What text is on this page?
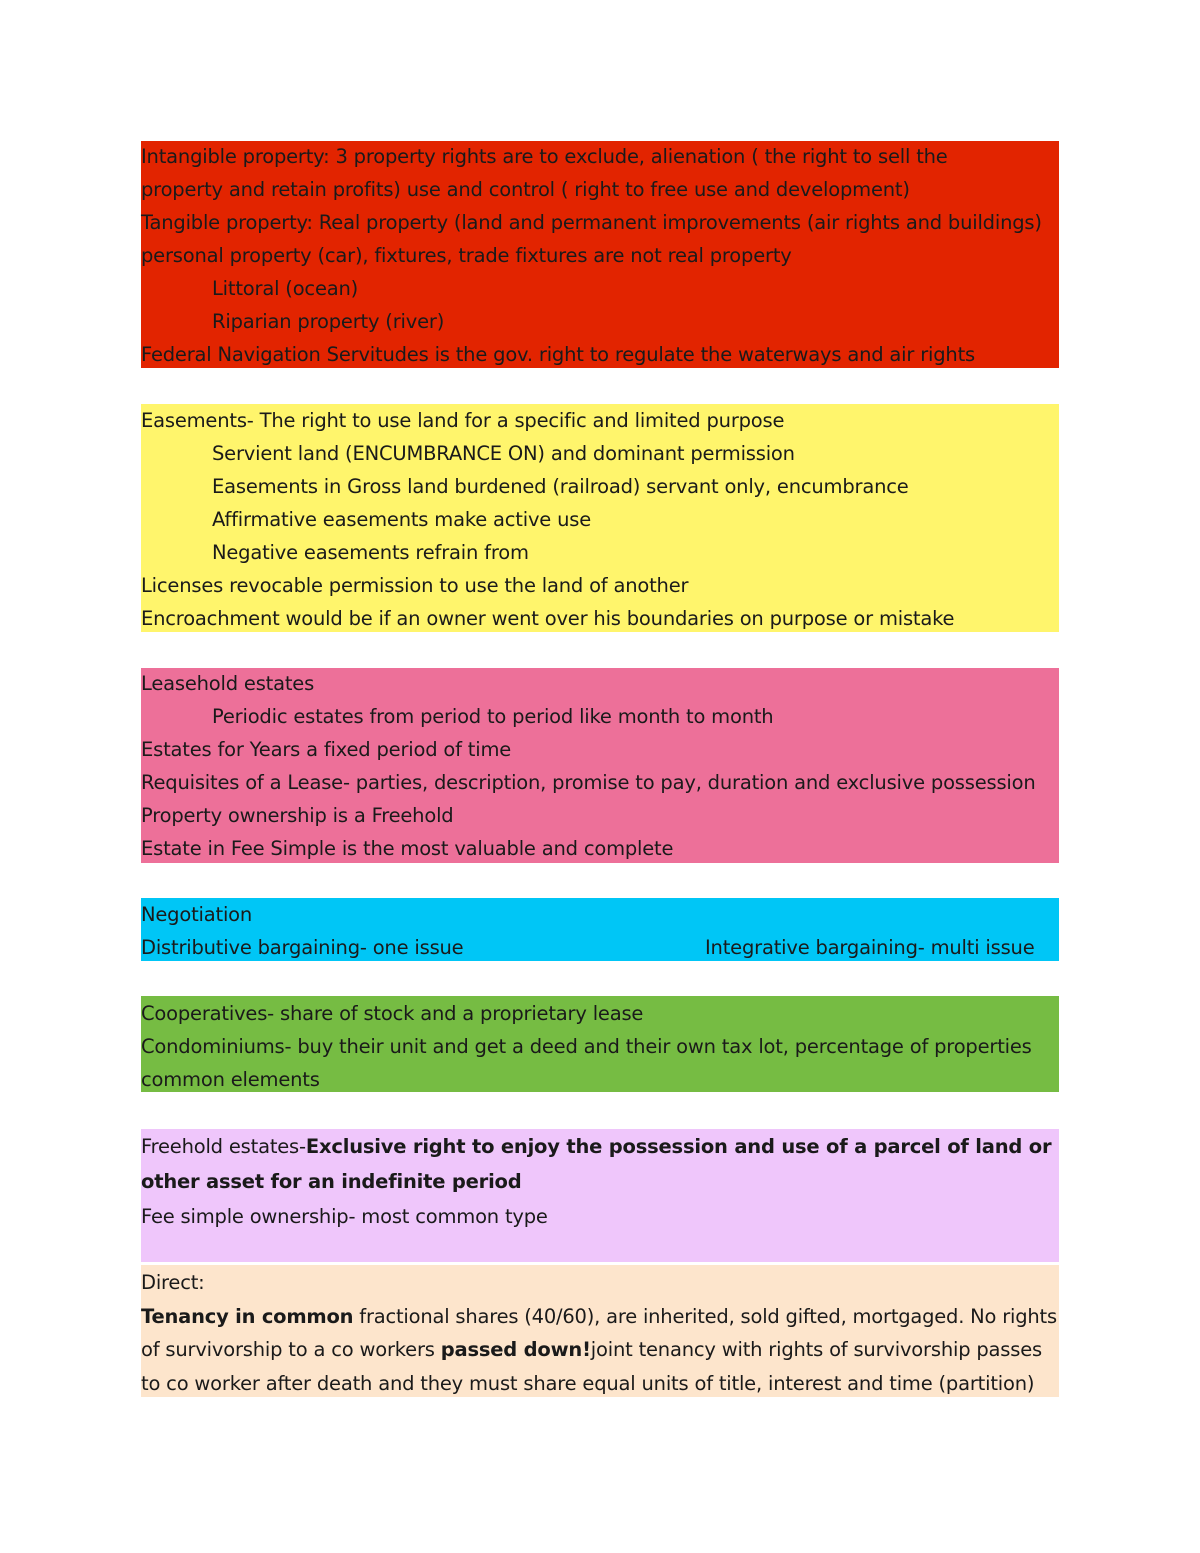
Intangible property: 3 property rights are to exclude, alienation ( the right to sell the
property and retain profits) use and control ( right to free use and development)
Tangible property: Real property (land and permanent improvements (air rights and buildings)
personal property (car), fixtures, trade fixtures are not real property
Littoral (ocean)
Riparian property (river)
Federal Navigation Servitudes is the gov. right to regulate the waterways and air rights
Easements- The right to use land for a specific and limited purpose
Servient land (ENCUMBRANCE ON) and dominant permission
Easements in Gross land burdened (railroad) servant only, encumbrance
Affirmative easements make active use
Negative easements refrain from
Licenses revocable permission to use the land of another
Encroachment would be if an owner went over his boundaries on purpose or mistake
Leasehold estates
Periodic estates from period to period like month to month
Estates for Years a fixed period of time
Requisites of a Lease- parties, description, promise to pay, duration and exclusive possession
Property ownership is a Freehold
Estate in Fee Simple is the most valuable and complete
Negotiation
Distributive bargaining- one issue	Integrative bargaining- multi issue
Cooperatives- share of stock and a proprietary lease
Condominiums- buy their unit and get a deed and their own tax lot, percentage of properties
common elements
Freehold estates-Exclusive right to enjoy the possession and use of a parcel of land or
other asset for an indefinite period
Fee simple ownership- most common type
Direct:
Tenancy in common fractional shares (40/60), are inherited, sold gifted, mortgaged. No rights
of survivorship to a co workers passed down!joint tenancy with rights of survivorship passes
to co worker after death and they must share equal units of title, interest and time (partition)
